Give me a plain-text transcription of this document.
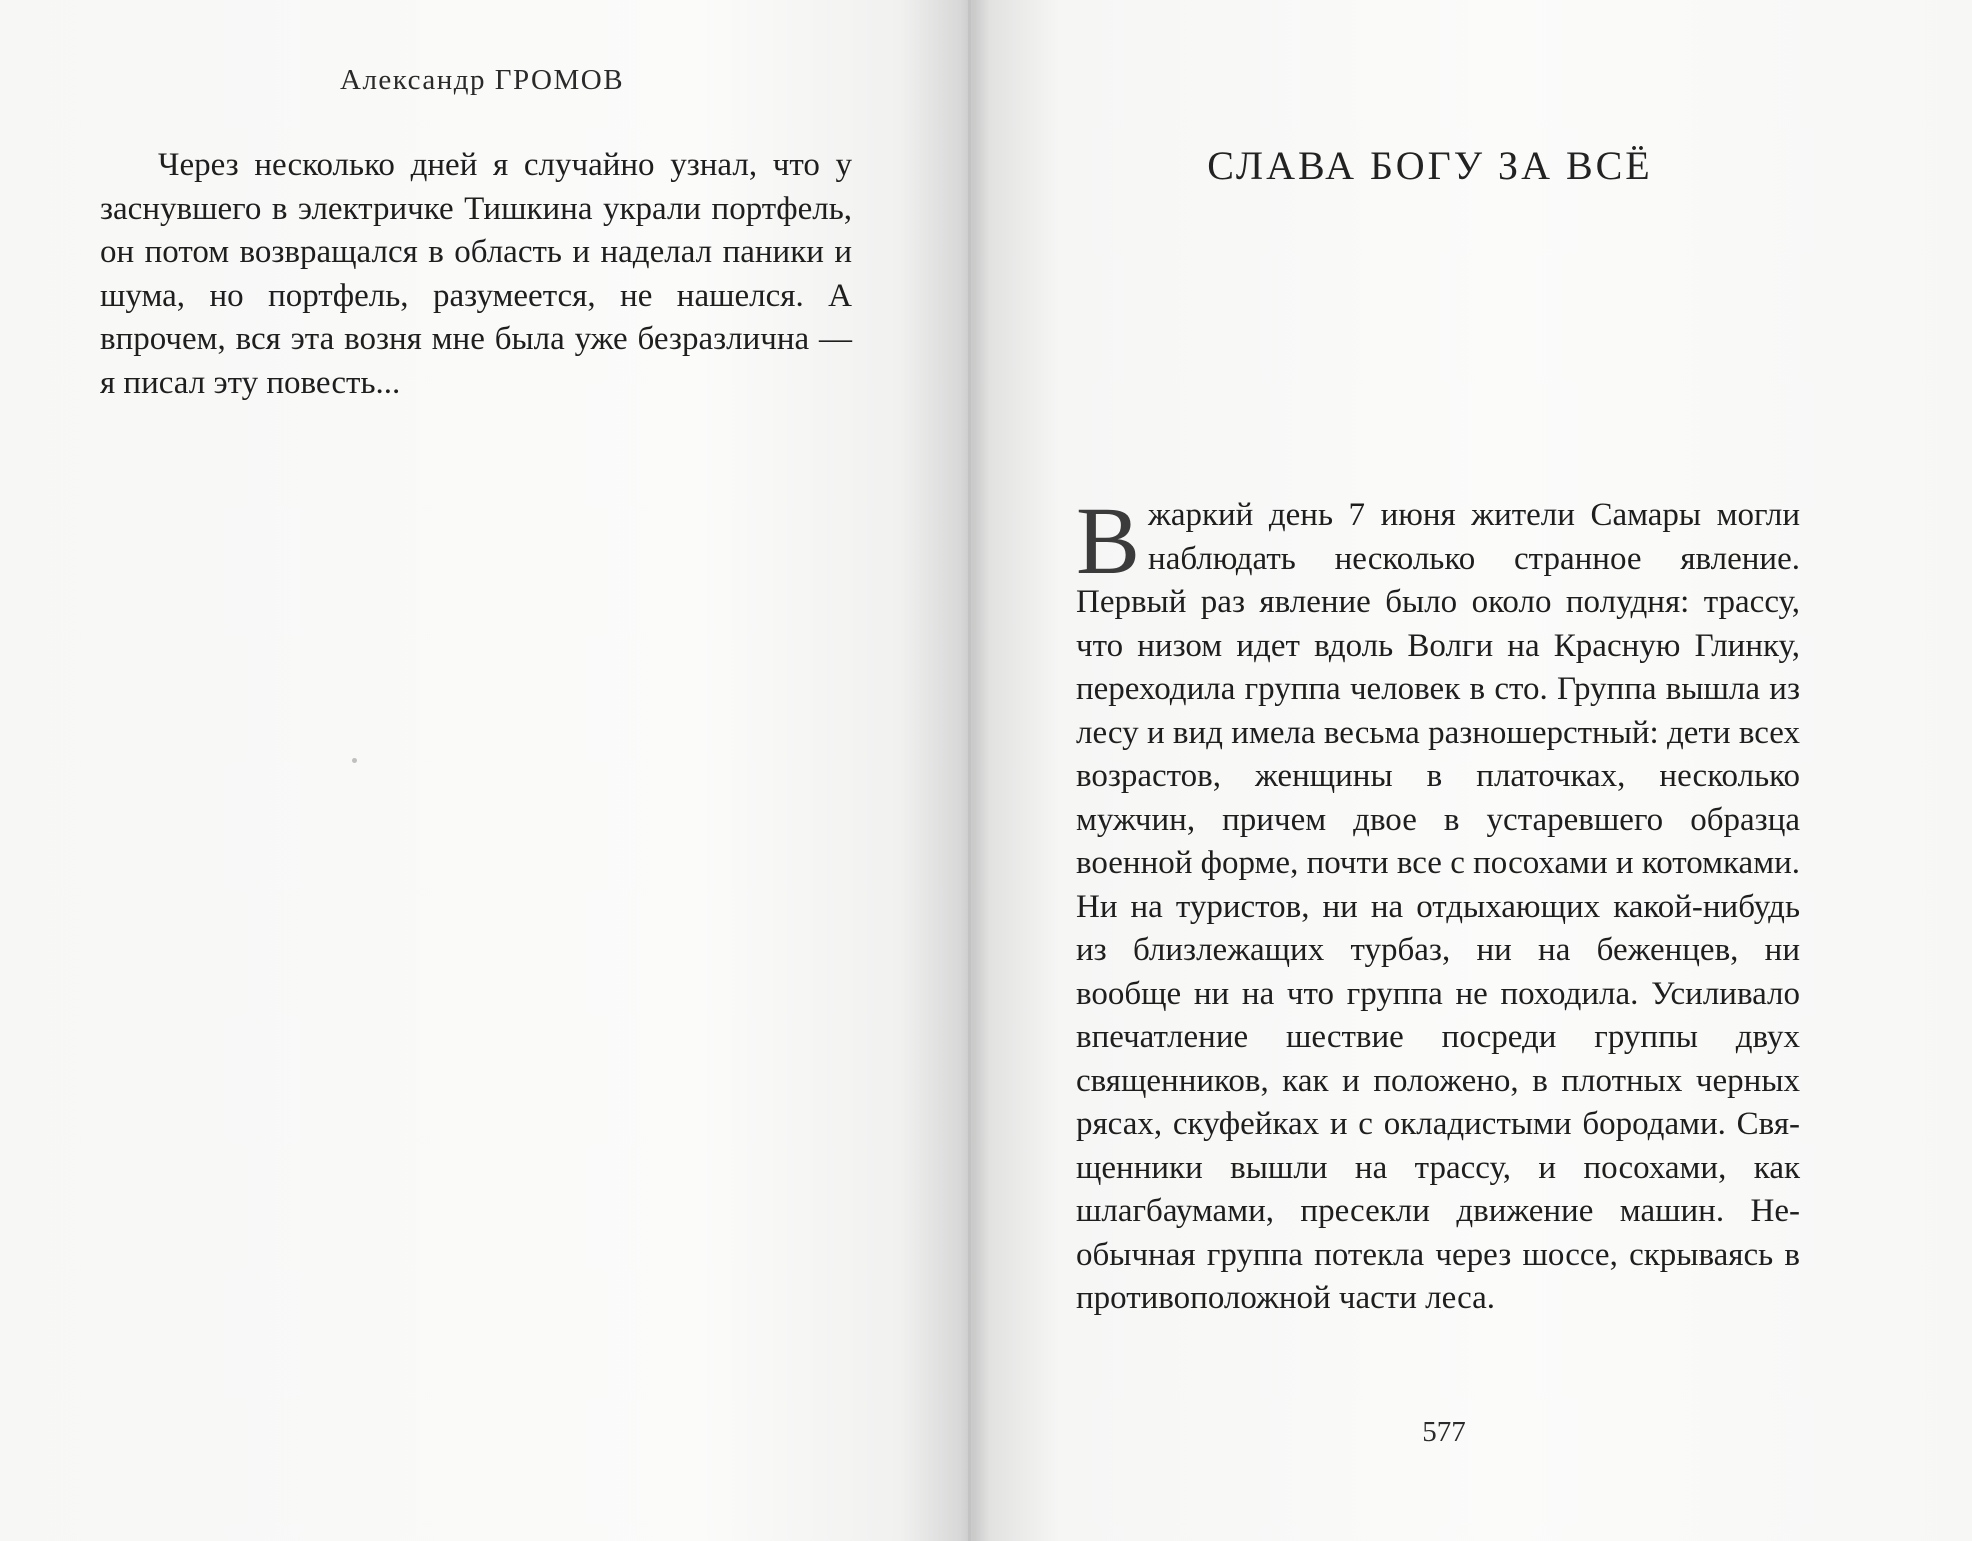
Александр ГРОМОВ

Через несколько дней я случайно узнал, что у заснувшего в электричке Тишкина украли портфель, он потом возвращался в область и наделал паники и шума, но портфель, разумеется, не нашелся. А впрочем, вся эта возня мне была уже безразлична — я писал эту повесть...

СЛАВА БОГУ ЗА ВСЁ

В жаркий день 7 июня жители Самары могли наблюдать несколько странное явление. Первый раз явление было около полудня: трассу, что низом идет вдоль Волги на Красную Глинку, переходила группа человек в сто. Группа вышла из лесу и вид имела весьма разношерстный: дети всех возрастов, женщины в платочках, несколько мужчин, причем двое в устаревшего образца военной форме, почти все с посохами и котомками. Ни на туристов, ни на отдыхающих какой-нибудь из близлежащих турбаз, ни на беженцев, ни вообще ни на что группа не походила. Усиливало впечатление шествие посреди группы двух священников, как и положено, в плотных черных рясах, скуфейках и с окладистыми бородами. Священники вышли на трассу, и посохами, как шлагбаумами, пресекли движение машин. Необычная группа потекла через шоссе, скрываясь в противоположной части леса.

577
